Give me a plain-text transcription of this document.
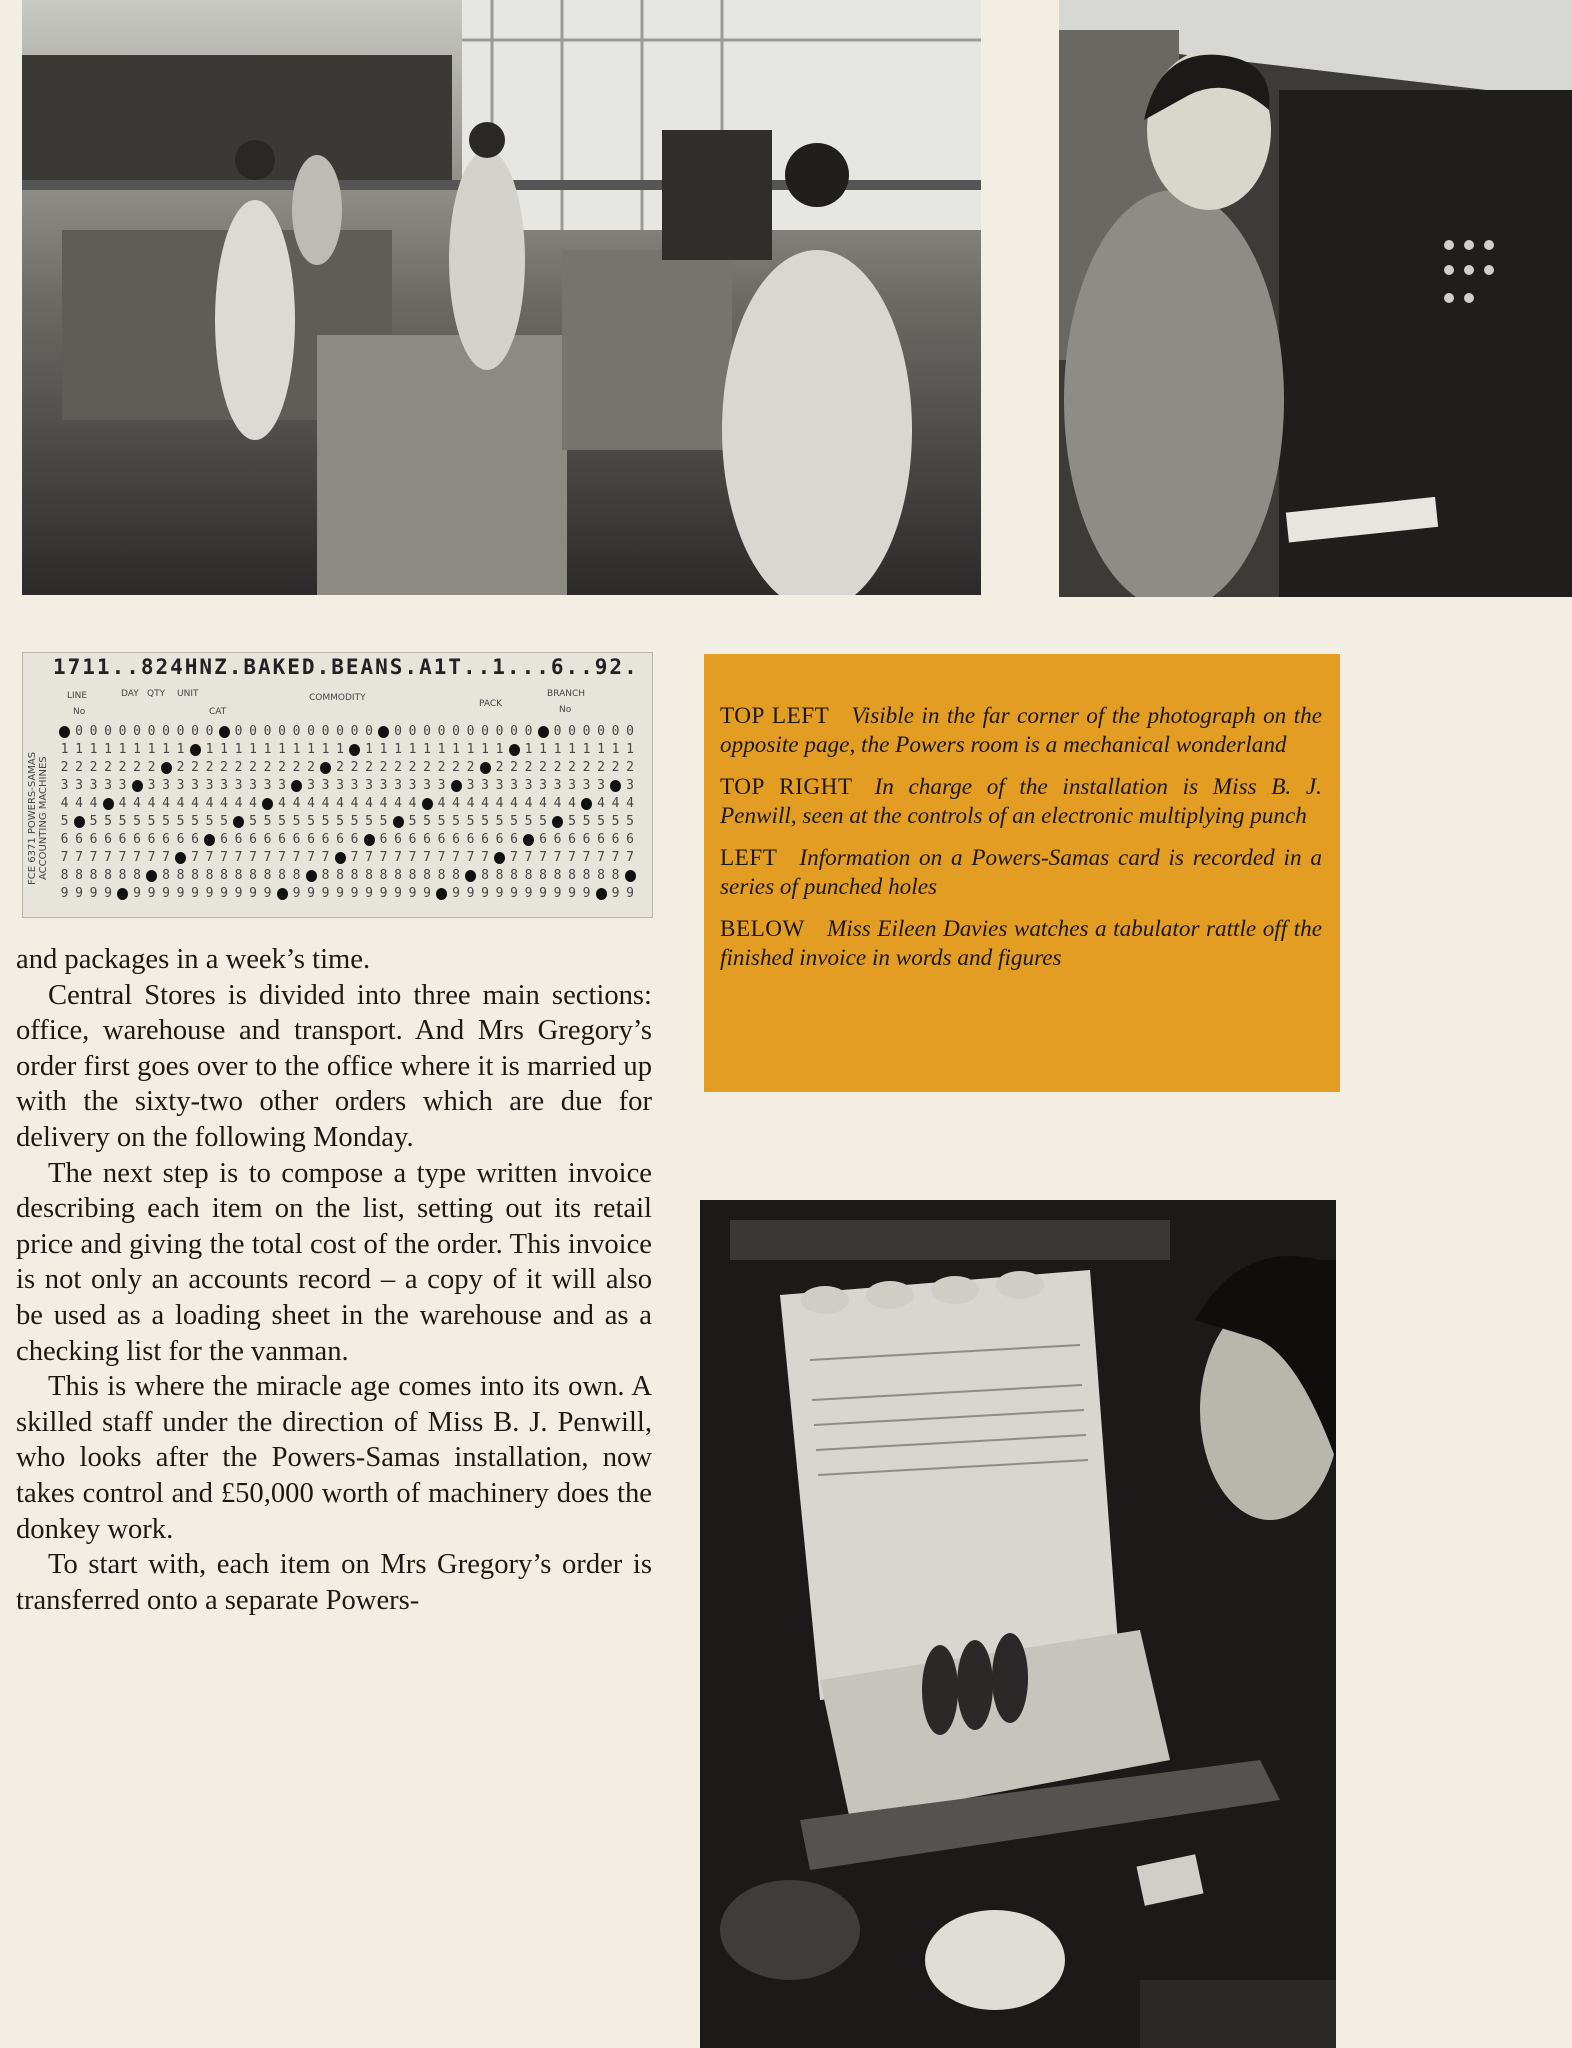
1711..824HNZ.BAKED.BEANS.A1T..1...6..92.
LINE
No
DAY QTY UNIT
CAT
COMMODITY
PACK
BRANCH
No
FCE 6371 POWERS-SAMAS ACCOUNTING MACHINES
0 0 0 0 0 0 0 0 0 0 0 0 0 0 0 0 0 0 0 0 0 0 0 0 0 0 0 0 0 0 0 0 0 0 0 0
1 1 1 1 1 1 1 1 1 1 1 1 1 1 1 1 1 1 1 1 1 1 1 1 1 1 1 1 1 1 1 1 1 1 1 1 1
2 2 2 2 2 2 2 2 2 2 2 2 2 2 2 2 2 2 2 2 2 2 2 2 2 2 2 2 2 2 2 2 2 2 2 2 2
3 3 3 3 3 3 3 3 3 3 3 3 3 3 3 3 3 3 3 3 3 3 3 3 3 3 3 3 3 3 3 3 3 3 3 3
4 4 4 4 4 4 4 4 4 4 4 4 4 4 4 4 4 4 4 4 4 4 4 4 4 4 4 4 4 4 4 4 4 4 4 4
5 5 5 5 5 5 5 5 5 5 5 5 5 5 5 5 5 5 5 5 5 5 5 5 5 5 5 5 5 5 5 5 5 5 5 5
6 6 6 6 6 6 6 6 6 6 6 6 6 6 6 6 6 6 6 6 6 6 6 6 6 6 6 6 6 6 6 6 6 6 6 6 6
7 7 7 7 7 7 7 7 7 7 7 7 7 7 7 7 7 7 7 7 7 7 7 7 7 7 7 7 7 7 7 7 7 7 7 7 7
8 8 8 8 8 8 8 8 8 8 8 8 8 8 8 8 8 8 8 8 8 8 8 8 8 8 8 8 8 8 8 8 8 8 8 8
9 9 9 9 9 9 9 9 9 9 9 9 9 9 9 9 9 9 9 9 9 9 9 9 9 9 9 9 9 9 9 9 9 9 9 9

and packages in a week’s time.

Central Stores is divided into three main sections: office, warehouse and transport. And Mrs Gregory’s order first goes over to the office where it is married up with the sixty-two other orders which are due for delivery on the following Monday.

The next step is to compose a type written invoice describing each item on the list, setting out its retail price and giving the total cost of the order. This invoice is not only an accounts record – a copy of it will also be used as a loading sheet in the warehouse and as a checking list for the vanman.

This is where the miracle age comes into its own. A skilled staff under the direction of Miss B. J. Penwill, who looks after the Powers-Samas installation, now takes control and £50,000 worth of machinery does the donkey work.

To start with, each item on Mrs Gregory’s order is transferred onto a separate Powers-

TOP LEFT Visible in the far corner of the photograph on the opposite page, the Powers room is a mechanical wonderland

TOP RIGHT In charge of the installation is Miss B. J. Penwill, seen at the controls of an electronic multiplying punch

LEFT Information on a Powers-Samas card is recorded in a series of punched holes

BELOW Miss Eileen Davies watches a tabulator rattle off the finished invoice in words and figures
